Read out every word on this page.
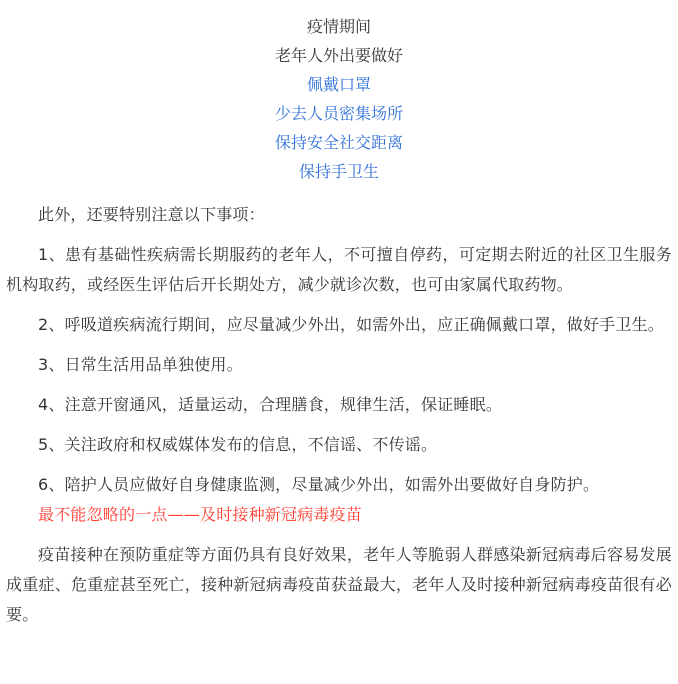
疫情期间
老年人外出要做好
佩戴口罩
少去人员密集场所
保持安全社交距离
保持手卫生

此外，还要特别注意以下事项：

1、患有基础性疾病需长期服药的老年人，不可擅自停药，可定期去附近的社区卫生服务机构取药，或经医生评估后开长期处方，减少就诊次数，也可由家属代取药物。

2、呼吸道疾病流行期间，应尽量减少外出，如需外出，应正确佩戴口罩，做好手卫生。

3、日常生活用品单独使用。

4、注意开窗通风，适量运动，合理膳食，规律生活，保证睡眠。

5、关注政府和权威媒体发布的信息，不信谣、不传谣。

6、陪护人员应做好自身健康监测，尽量减少外出，如需外出要做好自身防护。

最不能忽略的一点——及时接种新冠病毒疫苗

疫苗接种在预防重症等方面仍具有良好效果，老年人等脆弱人群感染新冠病毒后容易发展成重症、危重症甚至死亡，接种新冠病毒疫苗获益最大，老年人及时接种新冠病毒疫苗很有必要。
